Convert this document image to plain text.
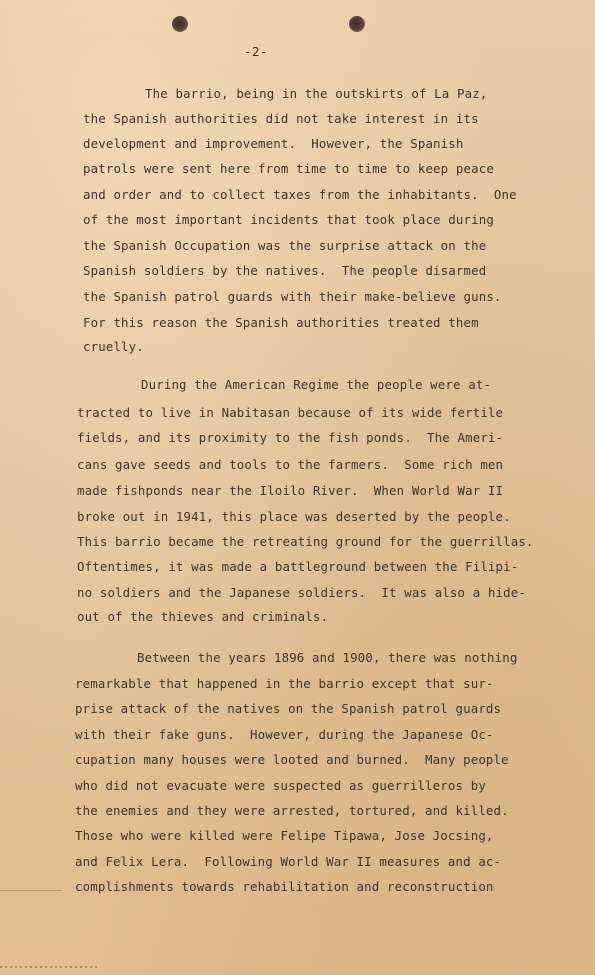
-2-
The barrio, being in the outskirts of La Paz,
the Spanish authorities did not take interest in its
development and improvement.  However, the Spanish
patrols were sent here from time to time to keep peace
and order and to collect taxes from the inhabitants.  One
of the most important incidents that took place during
the Spanish Occupation was the surprise attack on the
Spanish soldiers by the natives.  The people disarmed
the Spanish patrol guards with their make-believe guns.
For this reason the Spanish authorities treated them
cruelly.
During the American Regime the people were at-
tracted to live in Nabitasan because of its wide fertile
fields, and its proximity to the fish ponds.  The Ameri-
cans gave seeds and tools to the farmers.  Some rich men
made fishponds near the Iloilo River.  When World War II
broke out in 1941, this place was deserted by the people.
This barrio became the retreating ground for the guerrillas.
Oftentimes, it was made a battleground between the Filipi-
no soldiers and the Japanese soldiers.  It was also a hide-
out of the thieves and criminals.
Between the years 1896 and 1900, there was nothing
remarkable that happened in the barrio except that sur-
prise attack of the natives on the Spanish patrol guards
with their fake guns.  However, during the Japanese Oc-
cupation many houses were looted and burned.  Many people
who did not evacuate were suspected as guerrilleros by
the enemies and they were arrested, tortured, and killed.
Those who were killed were Felipe Tipawa, Jose Jocsing,
and Felix Lera.  Following World War II measures and ac-
complishments towards rehabilitation and reconstruction
